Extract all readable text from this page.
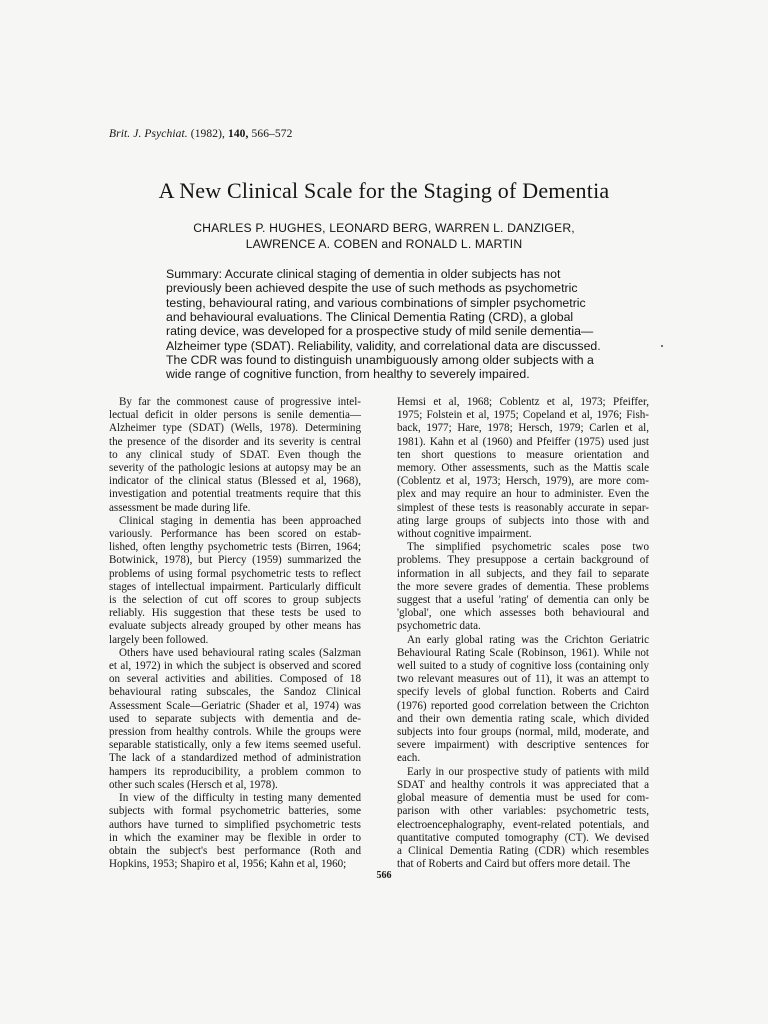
Brit. J. Psychiat. (1982), 140, 566–572
A New Clinical Scale for the Staging of Dementia
CHARLES P. HUGHES, LEONARD BERG, WARREN L. DANZIGER,
LAWRENCE A. COBEN and RONALD L. MARTIN
Summary: Accurate clinical staging of dementia in older subjects has not
previously been achieved despite the use of such methods as psychometric
testing, behavioural rating, and various combinations of simpler psychometric
and behavioural evaluations. The Clinical Dementia Rating (CRD), a global
rating device, was developed for a prospective study of mild senile dementia—
Alzheimer type (SDAT). Reliability, validity, and correlational data are discussed.
The CDR was found to distinguish unambiguously among older subjects with a
wide range of cognitive function, from healthy to severely impaired.
By far the commonest cause of progressive intel-
lectual deficit in older persons is senile dementia—
Alzheimer type (SDAT) (Wells, 1978). Determining
the presence of the disorder and its severity is central
to any clinical study of SDAT. Even though the
severity of the pathologic lesions at autopsy may be an
indicator of the clinical status (Blessed et al, 1968),
investigation and potential treatments require that this
assessment be made during life.
Clinical staging in dementia has been approached
variously. Performance has been scored on estab-
lished, often lengthy psychometric tests (Birren, 1964;
Botwinick, 1978), but Piercy (1959) summarized the
problems of using formal psychometric tests to reflect
stages of intellectual impairment. Particularly difficult
is the selection of cut off scores to group subjects
reliably. His suggestion that these tests be used to
evaluate subjects already grouped by other means has
largely been followed.
Others have used behavioural rating scales (Salzman
et al, 1972) in which the subject is observed and scored
on several activities and abilities. Composed of 18
behavioural rating subscales, the Sandoz Clinical
Assessment Scale—Geriatric (Shader et al, 1974) was
used to separate subjects with dementia and de-
pression from healthy controls. While the groups were
separable statistically, only a few items seemed useful.
The lack of a standardized method of administration
hampers its reproducibility, a problem common to
other such scales (Hersch et al, 1978).
In view of the difficulty in testing many demented
subjects with formal psychometric batteries, some
authors have turned to simplified psychometric tests
in which the examiner may be flexible in order to
obtain the subject's best performance (Roth and
Hopkins, 1953; Shapiro et al, 1956; Kahn et al, 1960;
Hemsi et al, 1968; Coblentz et al, 1973; Pfeiffer,
1975; Folstein et al, 1975; Copeland et al, 1976; Fish-
back, 1977; Hare, 1978; Hersch, 1979; Carlen et al,
1981). Kahn et al (1960) and Pfeiffer (1975) used just
ten short questions to measure orientation and
memory. Other assessments, such as the Mattis scale
(Coblentz et al, 1973; Hersch, 1979), are more com-
plex and may require an hour to administer. Even the
simplest of these tests is reasonably accurate in separ-
ating large groups of subjects into those with and
without cognitive impairment.
The simplified psychometric scales pose two
problems. They presuppose a certain background of
information in all subjects, and they fail to separate
the more severe grades of dementia. These problems
suggest that a useful 'rating' of dementia can only be
'global', one which assesses both behavioural and
psychometric data.
An early global rating was the Crichton Geriatric
Behavioural Rating Scale (Robinson, 1961). While not
well suited to a study of cognitive loss (containing only
two relevant measures out of 11), it was an attempt to
specify levels of global function. Roberts and Caird
(1976) reported good correlation between the Crichton
and their own dementia rating scale, which divided
subjects into four groups (normal, mild, moderate, and
severe impairment) with descriptive sentences for
each.
Early in our prospective study of patients with mild
SDAT and healthy controls it was appreciated that a
global measure of dementia must be used for com-
parison with other variables: psychometric tests,
electroencephalography, event-related potentials, and
quantitative computed tomography (CT). We devised
a Clinical Dementia Rating (CDR) which resembles
that of Roberts and Caird but offers more detail. The
566
